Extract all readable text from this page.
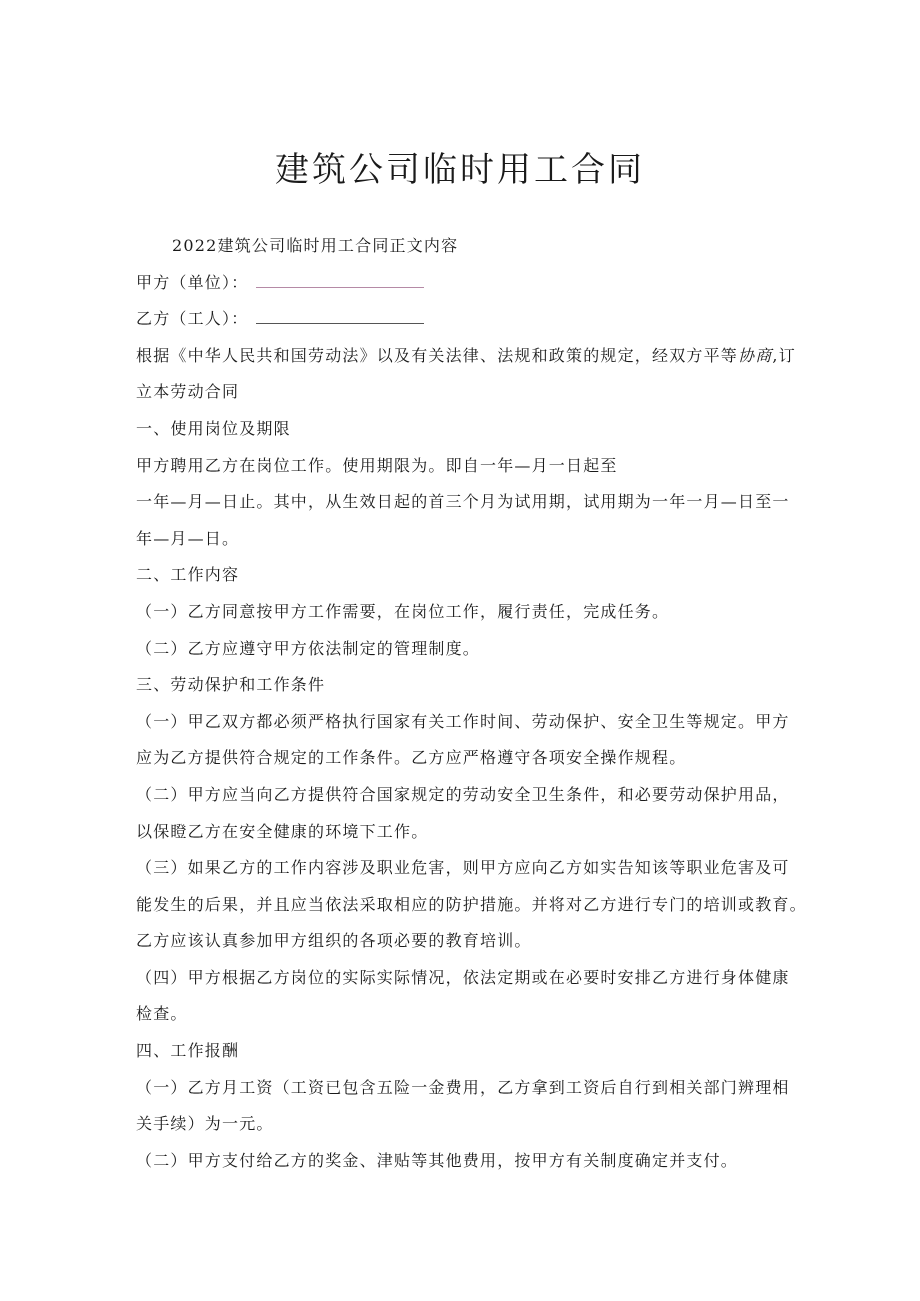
建筑公司临时用工合同

2022建筑公司临时用工合同正文内容

甲方（单位）：

乙方（工人）：

根据《中华人民共和国劳动法》以及有关法律、法规和政策的规定，经双方平等协商,订

立本劳动合同

一、使用岗位及期限

甲方聘用乙方在岗位工作。使用期限为。即自一年—月一日起至

一年—月—日止。其中，从生效日起的首三个月为试用期，试用期为一年一月—日至一

年—月—日。

二、工作内容

（一）乙方同意按甲方工作需要，在岗位工作，履行责任，完成任务。

（二）乙方应遵守甲方依法制定的管理制度。

三、劳动保护和工作条件

（一）甲乙双方都必须严格执行国家有关工作时间、劳动保护、安全卫生等规定。甲方

应为乙方提供符合规定的工作条件。乙方应严格遵守各项安全操作规程。

（二）甲方应当向乙方提供符合国家规定的劳动安全卫生条件，和必要劳动保护用品，

以保瞪乙方在安全健康的环境下工作。

（三）如果乙方的工作内容涉及职业危害，则甲方应向乙方如实告知该等职业危害及可

能发生的后果，并且应当依法采取相应的防护措施。并将对乙方进行专门的培训或教育。

乙方应该认真参加甲方组织的各项必要的教育培训。

（四）甲方根据乙方岗位的实际实际情况，依法定期或在必要时安排乙方进行身体健康

检查。

四、工作报酬

（一）乙方月工资（工资已包含五险一金费用，乙方拿到工资后自行到相关部门辨理相

关手续）为一元。

（二）甲方支付给乙方的奖金、津贴等其他费用，按甲方有关制度确定并支付。
